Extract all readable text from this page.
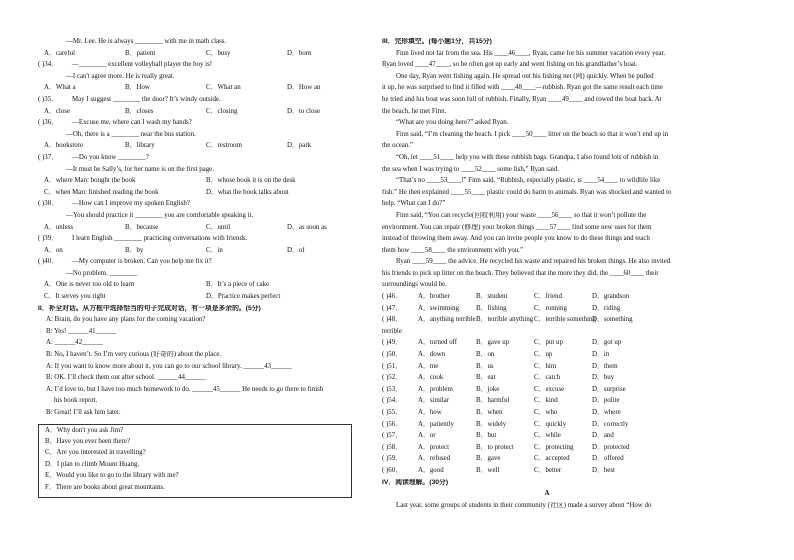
—Mr. Lee. He is always ________ with me in math class.
A．careful	B．patient	C．busy	D．born
( )34．	—________ excellent volleyball player the boy is!
—I can't agree more. He is really great.
A．What a	B．How	C．What an	D．How an
( )35．	May I suggest ________ the door? It’s windy outside.
A．close	B．closes	C．closing	D．to close
( )36．	—Excuse me, where can I wash my hands?
—Oh, there is a ________ near the bus station.
A．bookstore	B．library	C．restroom	D．park
( )37．	—Do you know ________?
—It must be Sally’s, for her name is on the first page.
A．where Marc bought the book	B．whose book it is on the desk
C．when Marc finished reading the book	D．what the book talks about
( )38．	—How can I improve my spoken English?
—You should practice it ________ you are comfortable speaking it.
A．unless	B．because	C．until	D．as soon as
( )39．	I learn English ________ practicing conversations with friends.
A．on	B．by	C．in	D．of
( )40．	—My computer is broken. Can you help me fix it?
—No problem. ________
A．One is never too old to learn	B．It’s a piece of cake
C．It serves you right	D．Practice makes perfect
II．补全对话。从方框中选择恰当的句子完成对话，有一项是多余的。(5分)
A: Brain, do you have any plans for the coming vacation?
B: Yes! ______41______
A: ______42______
B: No, I haven’t. So I’m very curious (好奇的) about the place.
A: If you want to know more about it, you can go to our school library. ______43______
B: OK. I’ll check them out after school. ______44______
A: I’d love to, but I have too much homework to do. ______45______ He needs to go there to finish
his book report.
B: Great! I’ll ask him later.
A．Why don't you ask Jim?
B．Have you ever been there?
C．Are you interested in travelling?
D．I plan to climb Mount Huang.
E．Would you like to go to the library with me?
F．There are books about great mountains.
III．完形填空。(每小题1分，共15分)
Finn lived not far from the sea. His ____46____, Ryan, came for his summer vacation every year.
Ryan loved ____47____, so he often got up early and went fishing on his grandfather’s boat.
One day, Ryan went fishing again. He spread out his fishing net (网) quickly. When he pulled
it up, he was surprised to find it filled with ____48____—rubbish. Ryan got the same result each time
he tried and his boat was soon full of rubbish. Finally, Ryan ____49____ and rowed the boat back. At
the beach, he met Finn.
“What are you doing here?” asked Ryan.
Finn said, “I’m cleaning the beach. I pick ____50____ litter on the beach so that it won’t end up in
the ocean.”
“Oh, let ____51____ help you with these rubbish bags. Grandpa, I also found lots of rubbish in
the sea when I was trying to ____52____ some fish,” Ryan said.
“That’s no ____53____!” Finn said. “Rubbish, especially plastic, is ____54____ to wildlife like
fish.” He then explained ____55____ plastic could do harm to animals. Ryan was shocked and wanted to
help. “What can I do?”
Finn said, “You can recycle(回收利用) your waste ____56____ so that it won’t pollute the
environment. You can repair (修理) your broken things ____57____ find some new uses for them
instead of throwing them away. And you can invite people you know to do these things and teach
them how ____58____ the environment with you.”
Ryan ____59____ the advice. He recycled his waste and repaired his broken things. He also invited
his friends to pick up litter on the beach. They believed that the more they did, the ____60____ their
surroundings would be.
( )46．	A．brother	B．student	C．friend	D．grandson
( )47．	A．swimming	B．fishing	C．running	D．riding
( )48．	A．anything terrible B．terrible anything C．terrible something
D．something
terrible
( )49．	A．turned off	B．gave up	C．put up	D．got up
( )50．	A．down	B．on	C．up	D．in
( )51．	A．me	B．us	C．him	D．them
( )52．	A．cook	B．eat	C．catch	D．buy
( )53．	A．problem	B．joke	C．excuse	D．surprise
( )54．	A．similar	B．harmful	C．kind	D．polite
( )55．	A．how	B．when	C．who	D．where
( )56．	A．patiently	B．widely	C．quickly	D．correctly
( )57．	A．or	B．but	C．while	D．and
( )58．	A．protect	B．to protect	C．protecting	D．protected
( )59．	A．refused	B．gave	C．accepted	D．offered
( )60．	A．good	B．well	C．better	D．best
IV．阅读理解。(30分)
A
Last year, some groups of students in their community (社区) made a survey about “How do
